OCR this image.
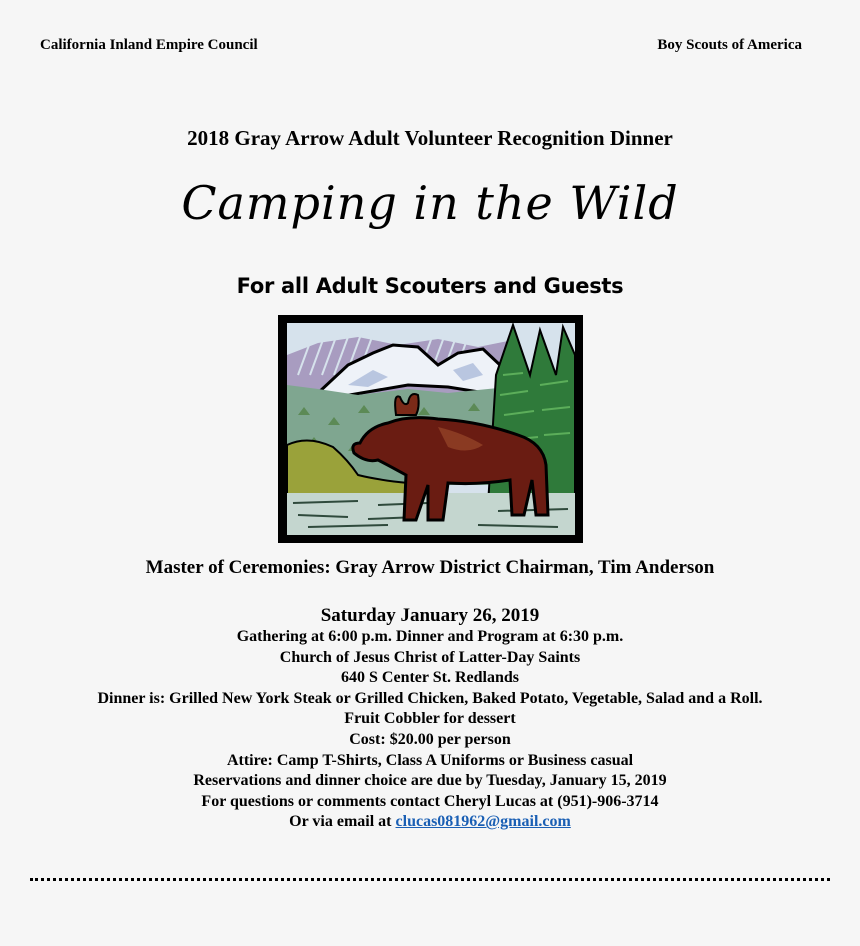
California Inland Empire Council	Boy Scouts of America
2018 Gray Arrow Adult Volunteer Recognition Dinner
Camping in the Wild
For all Adult Scouters and Guests
Master of Ceremonies: Gray Arrow District Chairman, Tim Anderson
Saturday January 26, 2019
Gathering at 6:00 p.m. Dinner and Program at 6:30 p.m.
Church of Jesus Christ of Latter-Day Saints
640 S Center St. Redlands
Dinner is: Grilled New York Steak or Grilled Chicken, Baked Potato, Vegetable, Salad and a Roll.
Fruit Cobbler for dessert
Cost: $20.00 per person
Attire: Camp T-Shirts, Class A Uniforms or Business casual
Reservations and dinner choice are due by Tuesday, January 15, 2019
For questions or comments contact Cheryl Lucas at (951)-906-3714
Or via email at clucas081962@gmail.com
